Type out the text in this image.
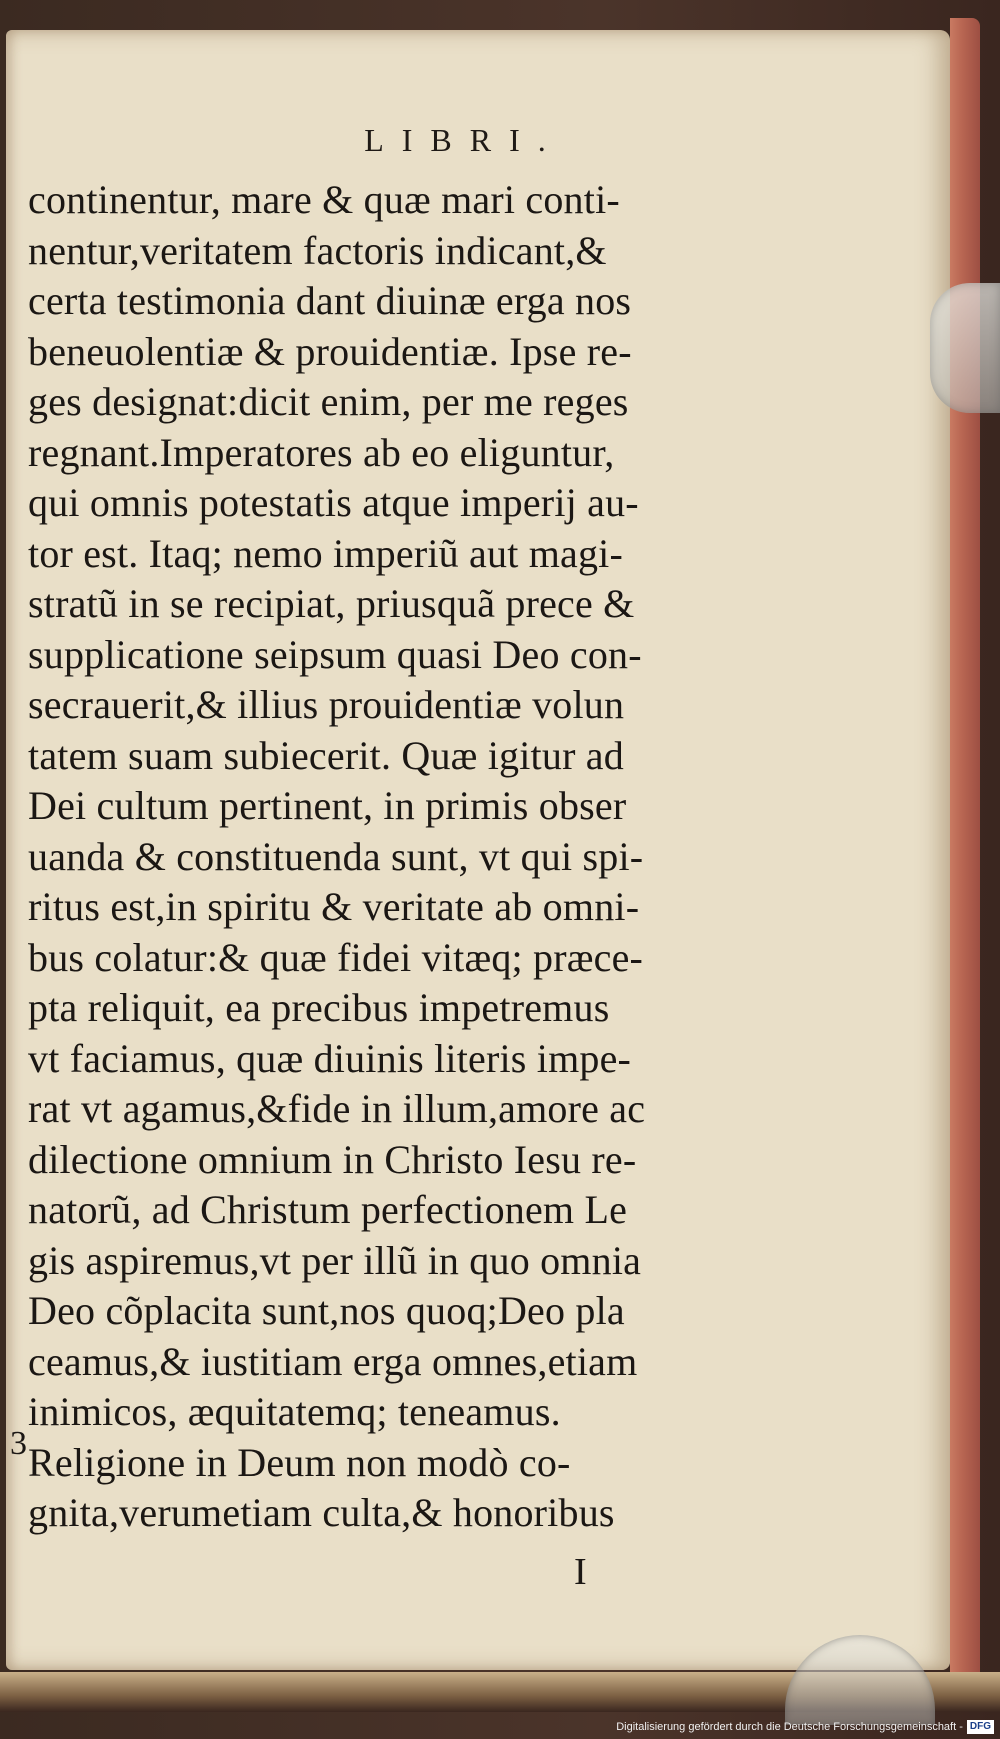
LIBRI.
continentur, mare & quæ mari conti-
nentur,veritatem factoris indicant,&
certa testimonia dant diuinæ erga nos
beneuolentiæ & prouidentiæ. Ipse re-
ges designat:dicit enim, per me reges
regnant.Imperatores ab eo eliguntur,
qui omnis potestatis atque imperij au-
tor est. Itaq; nemo imperiũ aut magi-
stratũ in se recipiat, priusquã prece &
supplicatione seipsum quasi Deo con-
secrauerit,& illius prouidentiæ volun
tatem suam subiecerit. Quæ igitur ad
Dei cultum pertinent, in primis obser
uanda & constituenda sunt, vt qui spi-
ritus est,in spiritu & veritate ab omni-
bus colatur:& quæ fidei vitæq; præce-
pta reliquit, ea precibus impetremus
vt faciamus, quæ diuinis literis impe-
rat vt agamus,&fide in illum,amore ac
dilectione omnium in Christo Iesu re-
natorũ, ad Christum perfectionem Le
gis aspiremus,vt per illũ in quo omnia
Deo cõplacita sunt,nos quoq;Deo pla
ceamus,& iustitiam erga omnes,etiam
inimicos, æquitatemq; teneamus.
Religione in Deum non modò co-
gnita,verumetiam culta,& honoribus
3
I
Digitalisierung gefördert durch die Deutsche Forschungsgemeinschaft - DFG
